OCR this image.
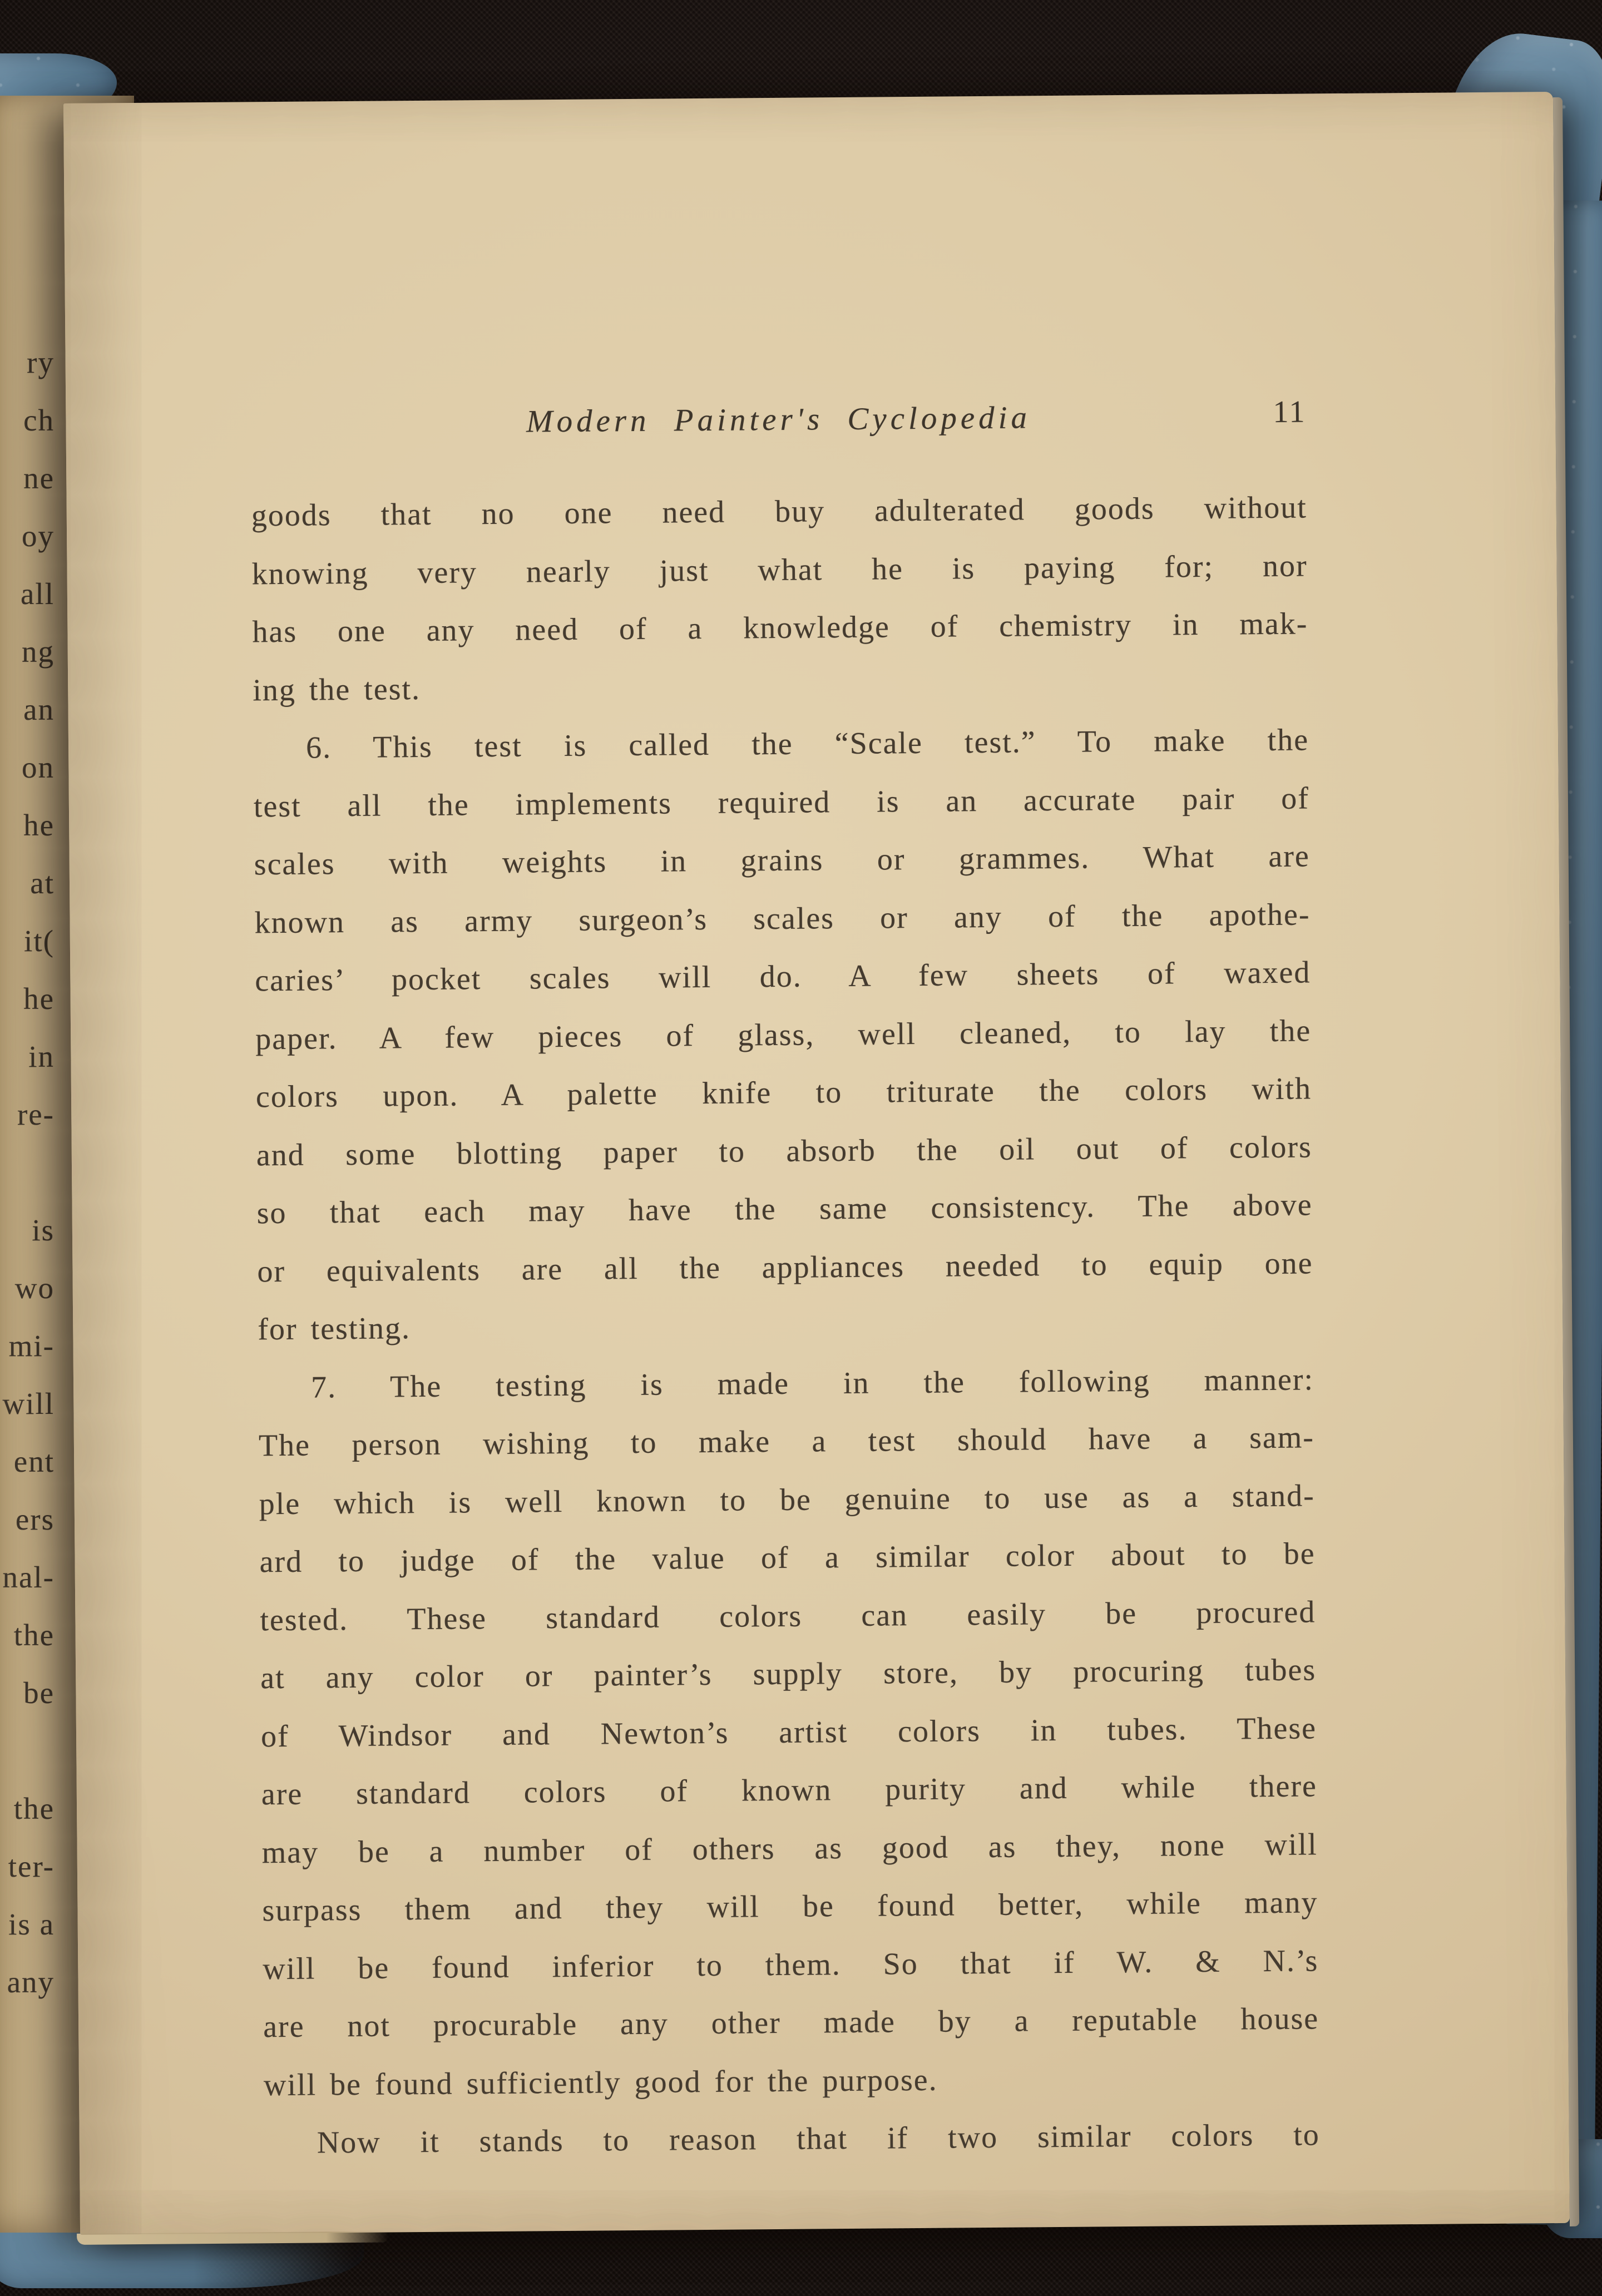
ry
ch
ne
oy
all
ng
an
on
he
at
it(
he
in
re-
is
wo
mi-
will
ent
ers
nal-
the
be
the
ter-
is a
any
Modern Painter's Cyclopedia	11
goods that no one need buy adulterated goods without
knowing very nearly just what he is paying for; nor
has one any need of a knowledge of chemistry in mak-
ing the test.
6. This test is called the “Scale test.” To make the
test all the implements required is an accurate pair of
scales with weights in grains or grammes. What are
known as army surgeon’s scales or any of the apothe-
caries’ pocket scales will do. A few sheets of waxed
paper. A few pieces of glass, well cleaned, to lay the
colors upon. A palette knife to triturate the colors with
and some blotting paper to absorb the oil out of colors
so that each may have the same consistency. The above
or equivalents are all the appliances needed to equip one
for testing.
7. The testing is made in the following manner:
The person wishing to make a test should have a sam-
ple which is well known to be genuine to use as a stand-
ard to judge of the value of a similar color about to be
tested. These standard colors can easily be procured
at any color or painter’s supply store, by procuring tubes
of Windsor and Newton’s artist colors in tubes. These
are standard colors of known purity and while there
may be a number of others as good as they, none will
surpass them and they will be found better, while many
will be found inferior to them. So that if W. & N.’s
are not procurable any other made by a reputable house
will be found sufficiently good for the purpose.
Now it stands to reason that if two similar colors to
